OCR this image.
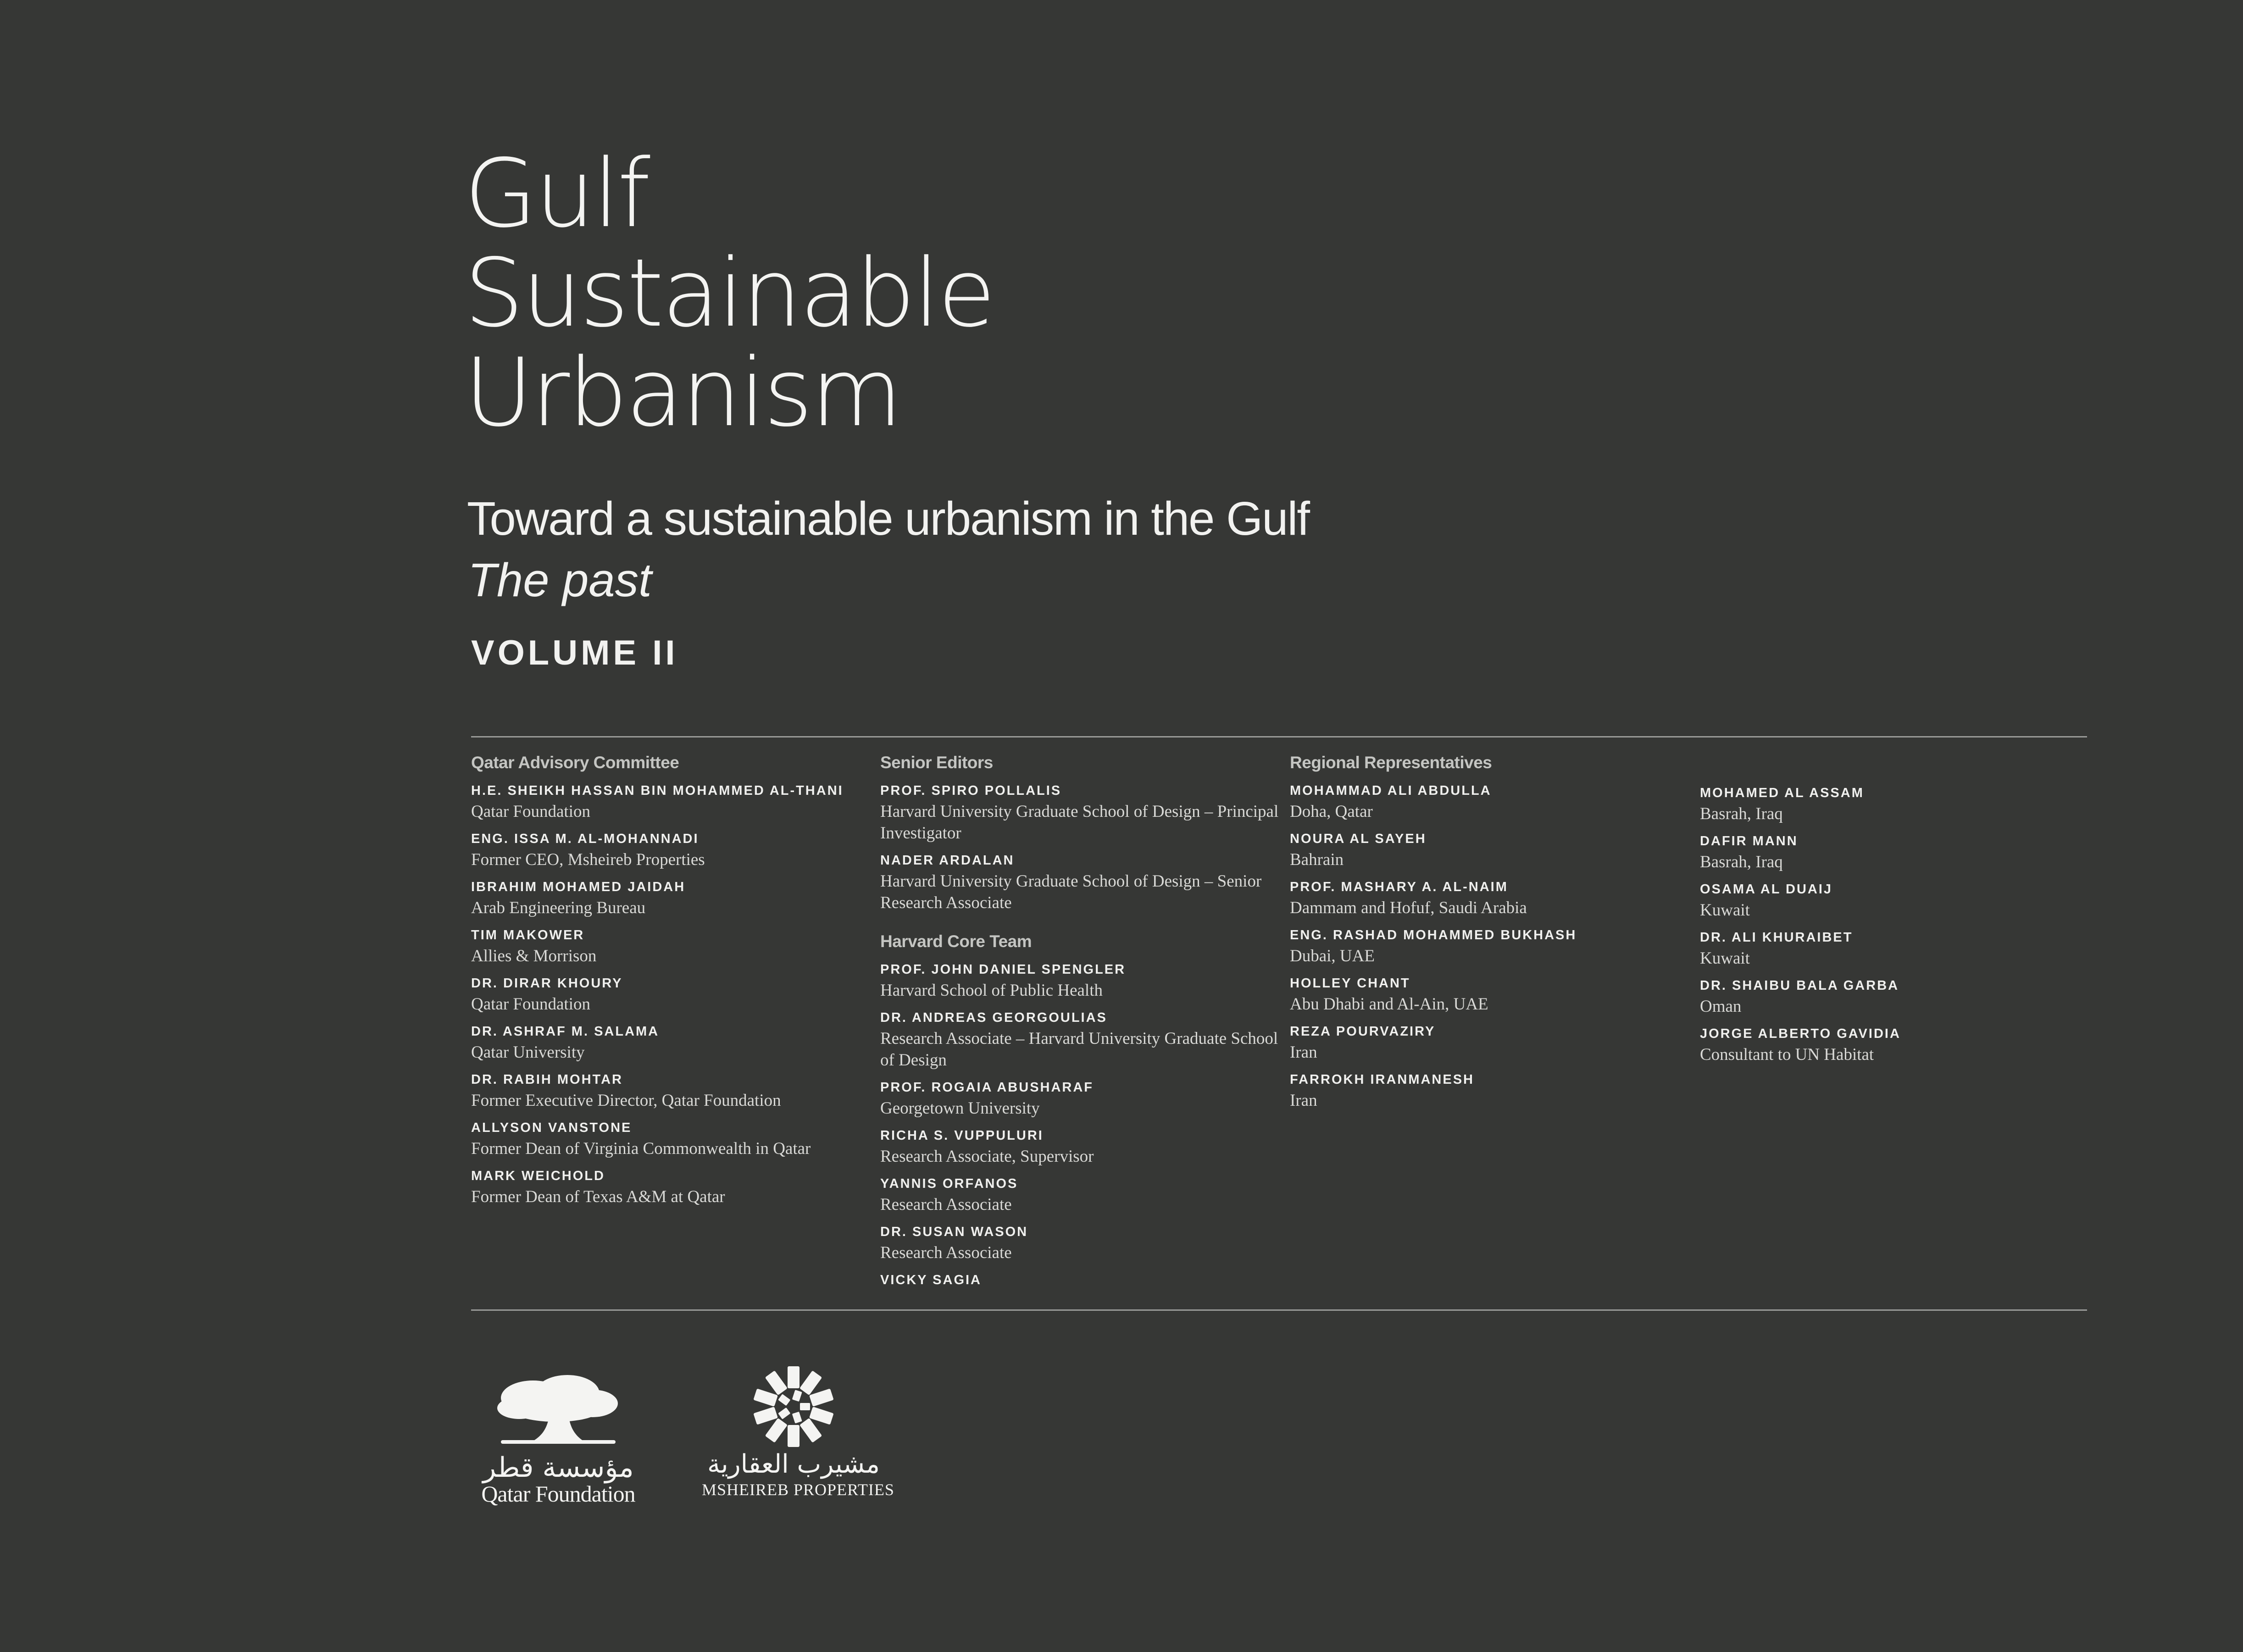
Gulf
Sustainable
Urbanism
Toward a sustainable urbanism in the Gulf
The past
VOLUME II
Qatar Advisory Committee
H.E. SHEIKH HASSAN BIN MOHAMMED AL-THANI
Qatar Foundation
ENG. ISSA M. AL-MOHANNADI
Former CEO, Msheireb Properties
IBRAHIM MOHAMED JAIDAH
Arab Engineering Bureau
TIM MAKOWER
Allies & Morrison
DR. DIRAR KHOURY
Qatar Foundation
DR. ASHRAF M. SALAMA
Qatar University
DR. RABIH MOHTAR
Former Executive Director, Qatar Foundation
ALLYSON VANSTONE
Former Dean of Virginia Commonwealth in Qatar
MARK WEICHOLD
Former Dean of Texas A&M at Qatar
Senior Editors
PROF. SPIRO POLLALIS
Harvard University Graduate School of Design – Principal Investigator
NADER ARDALAN
Harvard University Graduate School of Design – Senior Research Associate
Harvard Core Team
PROF. JOHN DANIEL SPENGLER
Harvard School of Public Health
DR. ANDREAS GEORGOULIAS
Research Associate – Harvard University Graduate School of Design
PROF. ROGAIA ABUSHARAF
Georgetown University
RICHA S. VUPPULURI
Research Associate, Supervisor
YANNIS ORFANOS
Research Associate
DR. SUSAN WASON
Research Associate
VICKY SAGIA
Regional Representatives
MOHAMMAD ALI ABDULLA
Doha, Qatar
NOURA AL SAYEH
Bahrain
PROF. MASHARY A. AL-NAIM
Dammam and Hofuf, Saudi Arabia
ENG. RASHAD MOHAMMED BUKHASH
Dubai, UAE
HOLLEY CHANT
Abu Dhabi and Al-Ain, UAE
REZA POURVAZIRY
Iran
FARROKH IRANMANESH
Iran
MOHAMED AL ASSAM
Basrah, Iraq
DAFIR MANN
Basrah, Iraq
OSAMA AL DUAIJ
Kuwait
DR. ALI KHURAIBET
Kuwait
DR. SHAIBU BALA GARBA
Oman
JORGE ALBERTO GAVIDIA
Consultant to UN Habitat
مؤسسة قطر
Qatar Foundation
مشيرب العقارية
MSHEIREB PROPERTIES
